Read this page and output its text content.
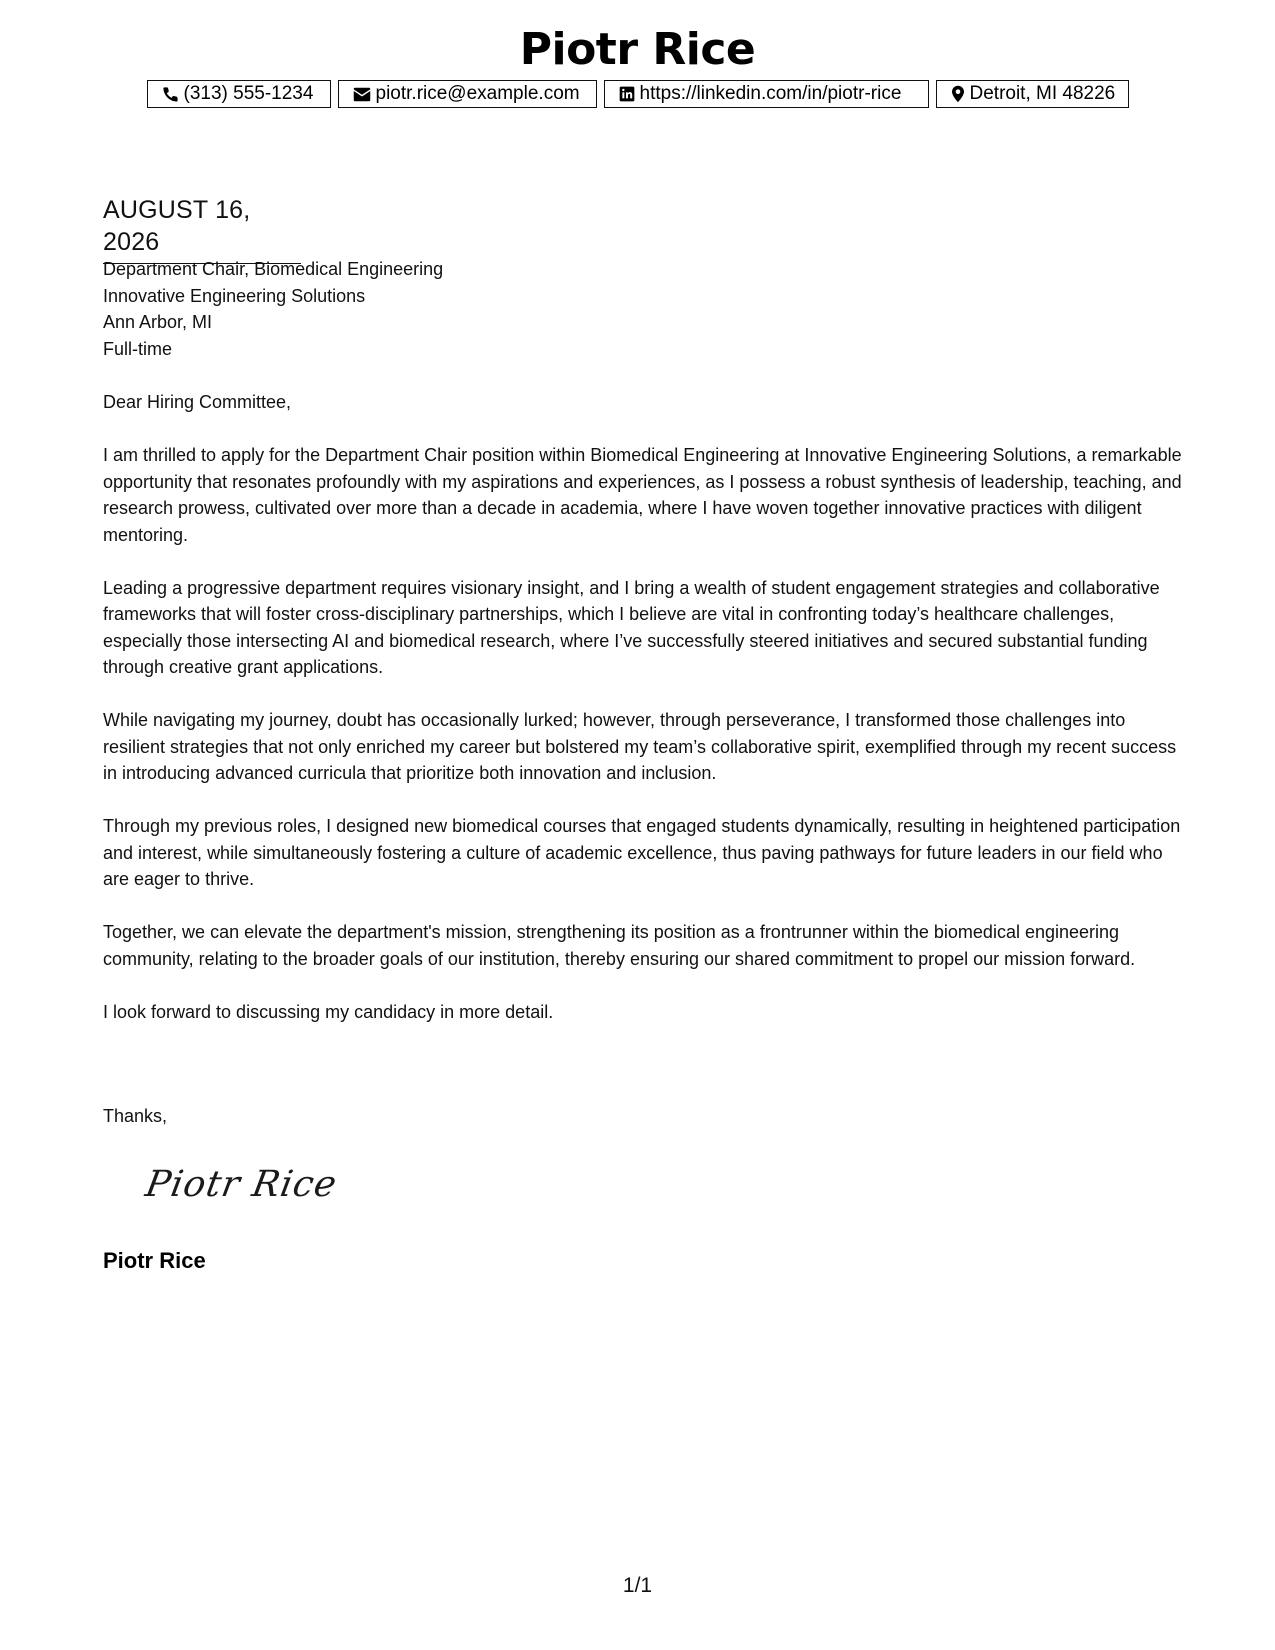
Piotr Rice
(313) 555-1234	piotr.rice@example.com	https://linkedin.com/in/piotr-rice	Detroit, MI 48226
AUGUST 16, 2026
Department Chair, Biomedical Engineering
Innovative Engineering Solutions
Ann Arbor, MI
Full-time

Dear Hiring Committee,

I am thrilled to apply for the Department Chair position within Biomedical Engineering at Innovative Engineering Solutions, a remarkable opportunity that resonates profoundly with my aspirations and experiences, as I possess a robust synthesis of leadership, teaching, and research prowess, cultivated over more than a decade in academia, where I have woven together innovative practices with diligent mentoring.

Leading a progressive department requires visionary insight, and I bring a wealth of student engagement strategies and collaborative frameworks that will foster cross-disciplinary partnerships, which I believe are vital in confronting today’s healthcare challenges, especially those intersecting AI and biomedical research, where I’ve successfully steered initiatives and secured substantial funding through creative grant applications.

While navigating my journey, doubt has occasionally lurked; however, through perseverance, I transformed those challenges into resilient strategies that not only enriched my career but bolstered my team’s collaborative spirit, exemplified through my recent success in introducing advanced curricula that prioritize both innovation and inclusion.

Through my previous roles, I designed new biomedical courses that engaged students dynamically, resulting in heightened participation and interest, while simultaneously fostering a culture of academic excellence, thus paving pathways for future leaders in our field who are eager to thrive.

Together, we can elevate the department's mission, strengthening its position as a frontrunner within the biomedical engineering community, relating to the broader goals of our institution, thereby ensuring our shared commitment to propel our mission forward.

I look forward to discussing my candidacy in more detail.

Thanks,
Piotr Rice
Piotr Rice
1/1
